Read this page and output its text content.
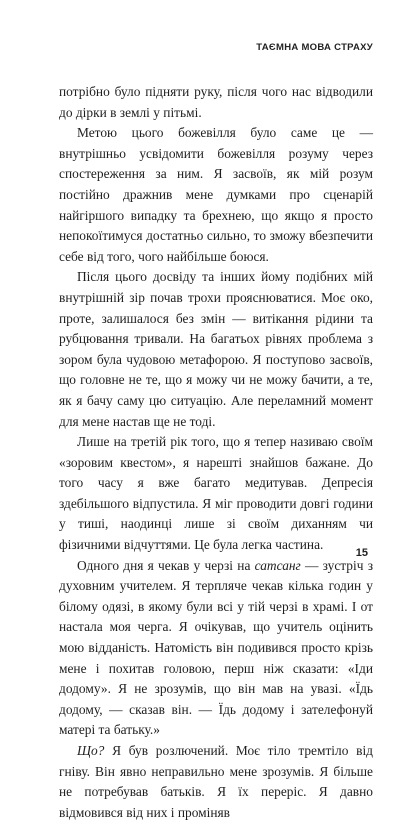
ТАЄМНА МОВА СТРАХУ

потрібно було підняти руку, після чого нас відводили до дірки в землі у пітьмі.

Метою цього божевілля було саме це — внутрішньо усвідомити божевілля розуму через спостереження за ним. Я засвоїв, як мій розум постійно дражнив мене думками про сценарій найгіршого випадку та брехнею, що якщо я просто непокоїтимуся достатньо сильно, то зможу вбезпечити себе від того, чого найбільше боюся.

Після цього досвіду та інших йому подібних мій внутрішній зір почав трохи прояснюватися. Моє око, проте, залишалося без змін — витікання рідини та рубцювання тривали. На багатьох рівнях проблема з зором була чудовою метафорою. Я поступово засвоїв, що головне не те, що я можу чи не можу бачити, а те, як я бачу саму цю ситуацію. Але переламний момент для мене настав ще не тоді.

Лише на третій рік того, що я тепер називаю своїм «зоровим квестом», я нарешті знайшов бажане. До того часу я вже багато медитував. Депресія здебільшого відпустила. Я міг проводити довгі години у тиші, наодинці лише зі своїм диханням чи фізичними відчуттями. Це була легка частина.

Одного дня я чекав у черзі на сатсанг — зустріч з духовним учителем. Я терпляче чекав кілька годин у білому одязі, в якому були всі у тій черзі в храмі. І от настала моя черга. Я очікував, що учитель оцінить мою відданість. Натомість він подивився просто крізь мене і похитав головою, перш ніж сказати: «Іди додому». Я не зрозумів, що він мав на увазі. «Їдь додому, — сказав він. — Їдь додому і зателефонуй матері та батьку.»

Що? Я був розлючений. Моє тіло тремтіло від гніву. Він явно неправильно мене зрозумів. Я більше не потребував батьків. Я їх переріс. Я давно відмовився від них і проміняв

15
